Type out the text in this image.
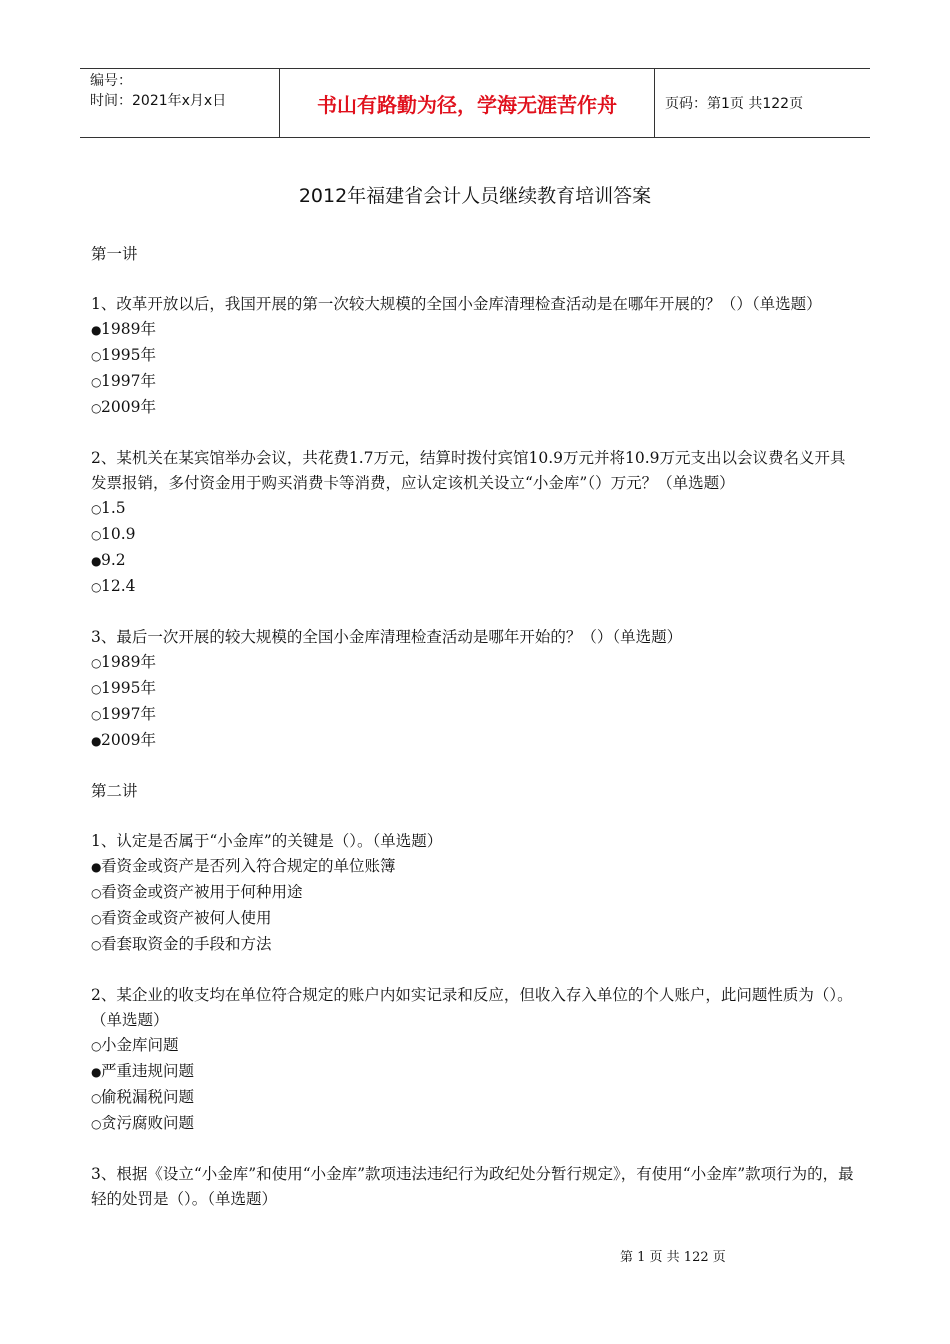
编号：
时间：2021年x月x日	书山有路勤为径，学海无涯苦作舟	页码：第1页 共122页
2012年福建省会计人员继续教育培训答案

第一讲

1、改革开放以后，我国开展的第一次较大规模的全国小金库清理检查活动是在哪年开展的？（）（单选题）

●1989年

○1995年

○1997年

○2009年

2、某机关在某宾馆举办会议，共花费1.7万元，结算时拨付宾馆10.9万元并将10.9万元支出以会议费名义开具发票报销，多付资金用于购买消费卡等消费，应认定该机关设立“小金库”（）万元？（单选题）

○1.5

○10.9

●9.2

○12.4

3、最后一次开展的较大规模的全国小金库清理检查活动是哪年开始的？（）（单选题）

○1989年

○1995年

○1997年

●2009年

第二讲

1、认定是否属于“小金库”的关键是（）。（单选题）

●看资金或资产是否列入符合规定的单位账簿

○看资金或资产被用于何种用途

○看资金或资产被何人使用

○看套取资金的手段和方法

2、某企业的收支均在单位符合规定的账户内如实记录和反应，但收入存入单位的个人账户，此问题性质为（）。（单选题）

○小金库问题

●严重违规问题

○偷税漏税问题

○贪污腐败问题

3、根据《设立“小金库”和使用“小金库”款项违法违纪行为政纪处分暂行规定》，有使用“小金库”款项行为的，最轻的处罚是（）。（单选题）

第 1 页 共 122 页
